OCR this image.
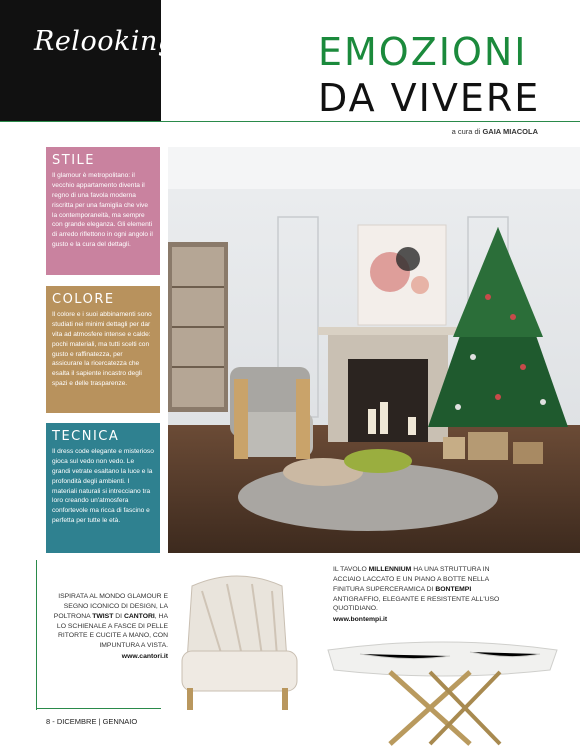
Relooking	EMOZIONI
DA VIVERE
a cura di GAIA MIACOLA
STILE

Il glamour è metropolitano: il vecchio appartamento diventa il regno di una favola moderna riscritta per una famiglia che vive la contemporaneità, ma sempre con grande eleganza. Gli elementi di arredo riflettono in ogni angolo il gusto e la cura del dettagli.

COLORE

Il colore e i suoi abbinamenti sono studiati nei minimi dettagli per dar vita ad atmosfere intense e calde: pochi materiali, ma tutti scelti con gusto e raffinatezza, per assicurare la ricercatezza che esalta il sapiente incastro degli spazi e delle trasparenze.

TECNICA

Il dress code elegante e misterioso gioca sul vedo non vedo. Le grandi vetrate esaltano la luce e la profondità degli ambienti. I materiali naturali si intrecciano tra loro creando un'atmosfera confortevole ma ricca di fascino e perfetta per tutte le età.

ISPIRATA AL MONDO GLAMOUR E SEGNO ICONICO DI DESIGN, LA POLTRONA TWIST DI CANTORI, HA LO SCHIENALE A FASCE DI PELLE RITORTE E CUCITE A MANO, CON IMPUNTURA A VISTA.
www.cantori.it
IL TAVOLO MILLENNIUM HA UNA STRUTTURA IN ACCIAIO LACCATO E UN PIANO A BOTTE NELLA FINITURA SUPERCERAMICA DI BONTEMPI ANTIGRAFFIO, ELEGANTE E RESISTENTE ALL'USO QUOTIDIANO.
www.bontempi.it
8 - DICEMBRE | GENNAIO
